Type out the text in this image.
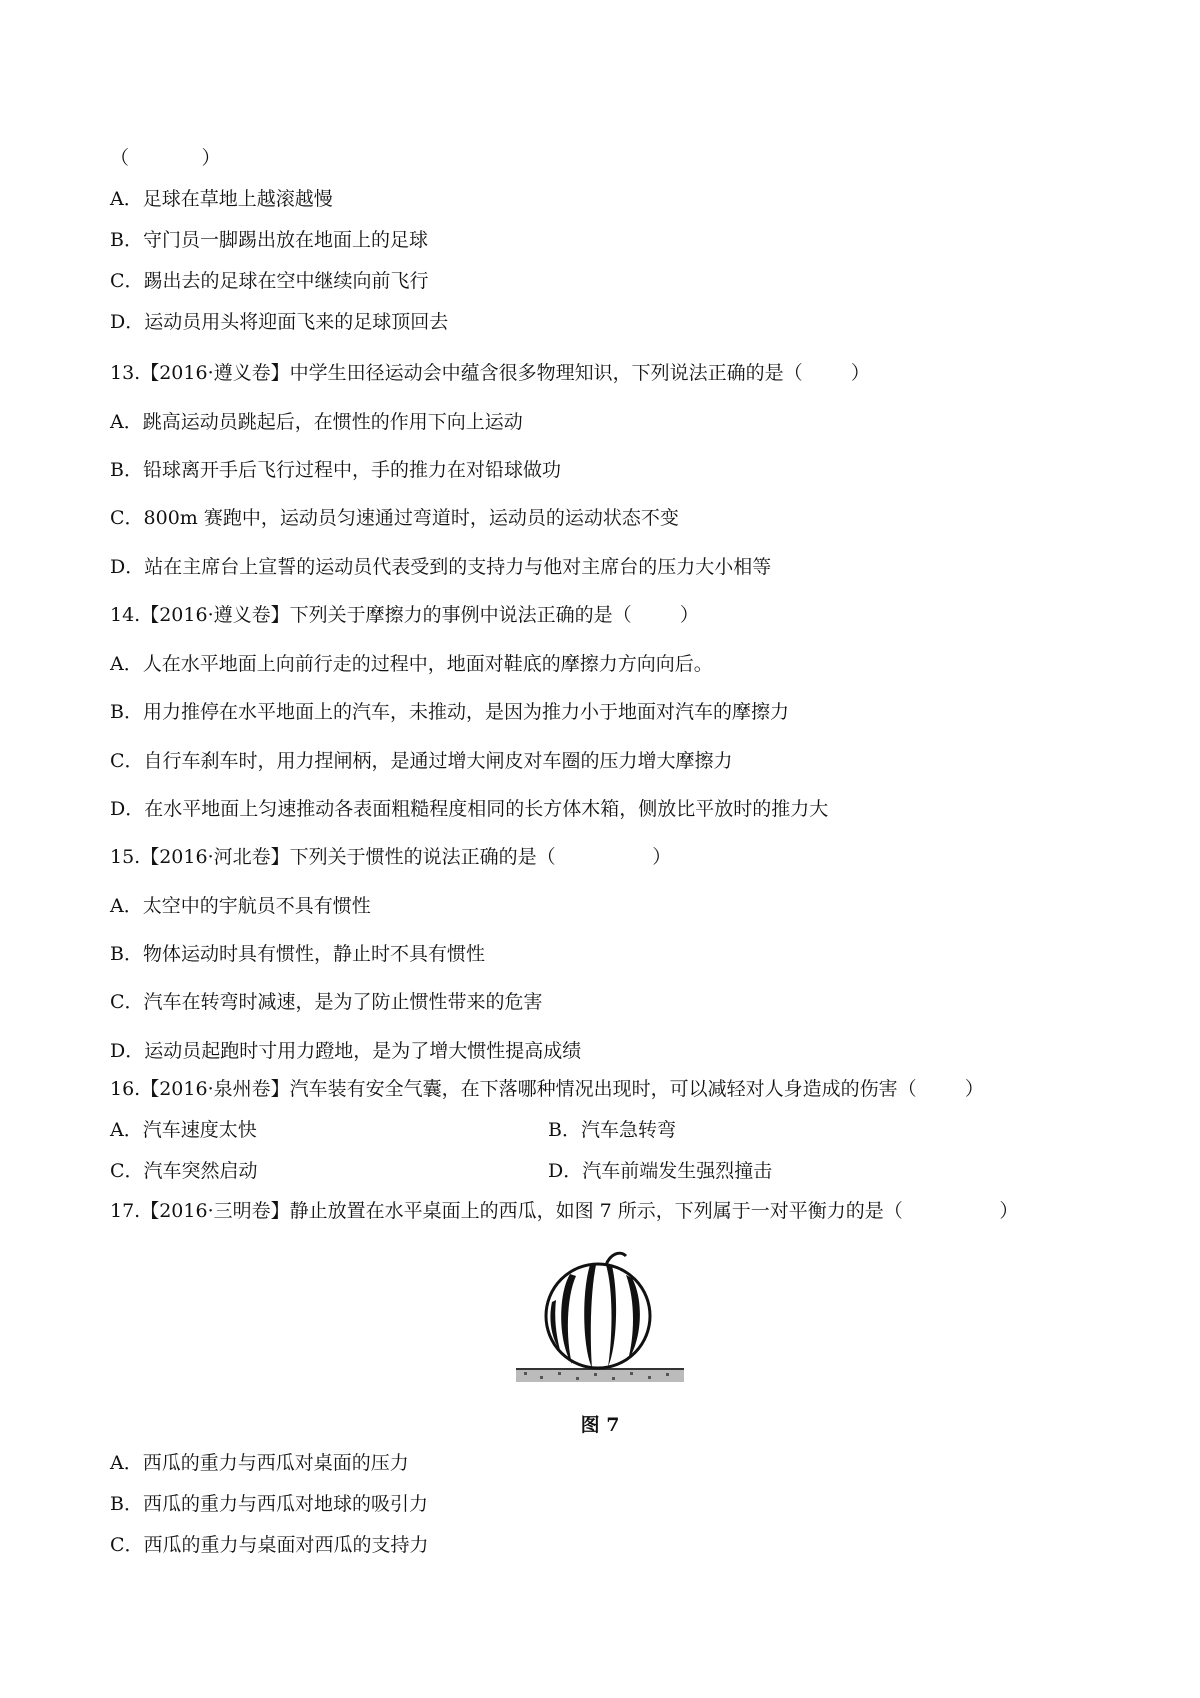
（            ）
A．足球在草地上越滚越慢
B．守门员一脚踢出放在地面上的足球
C．踢出去的足球在空中继续向前飞行
D．运动员用头将迎面飞来的足球顶回去
13.【2016·遵义卷】中学生田径运动会中蕴含很多物理知识，下列说法正确的是（        ）
A．跳高运动员跳起后，在惯性的作用下向上运动
B．铅球离开手后飞行过程中，手的推力在对铅球做功
C．800m 赛跑中，运动员匀速通过弯道时，运动员的运动状态不变
D．站在主席台上宣誓的运动员代表受到的支持力与他对主席台的压力大小相等
14.【2016·遵义卷】下列关于摩擦力的事例中说法正确的是（        ）
A．人在水平地面上向前行走的过程中，地面对鞋底的摩擦力方向向后。
B．用力推停在水平地面上的汽车，未推动，是因为推力小于地面对汽车的摩擦力
C．自行车刹车时，用力捏闸柄，是通过增大闸皮对车圈的压力增大摩擦力
D．在水平地面上匀速推动各表面粗糙程度相同的长方体木箱，侧放比平放时的推力大
15.【2016·河北卷】下列关于惯性的说法正确的是（                ）
A．太空中的宇航员不具有惯性
B．物体运动时具有惯性，静止时不具有惯性
C．汽车在转弯时减速，是为了防止惯性带来的危害
D．运动员起跑时寸用力蹬地，是为了增大惯性提高成绩
16.【2016·泉州卷】汽车装有安全气囊，在下落哪种情况出现时，可以减轻对人身造成的伤害（        ）
A．汽车速度太快	B．汽车急转弯
C．汽车突然启动	D．汽车前端发生强烈撞击
17.【2016·三明卷】静止放置在水平桌面上的西瓜，如图 7 所示，下列属于一对平衡力的是（                ）
图 7
A．西瓜的重力与西瓜对桌面的压力
B．西瓜的重力与西瓜对地球的吸引力
C．西瓜的重力与桌面对西瓜的支持力
